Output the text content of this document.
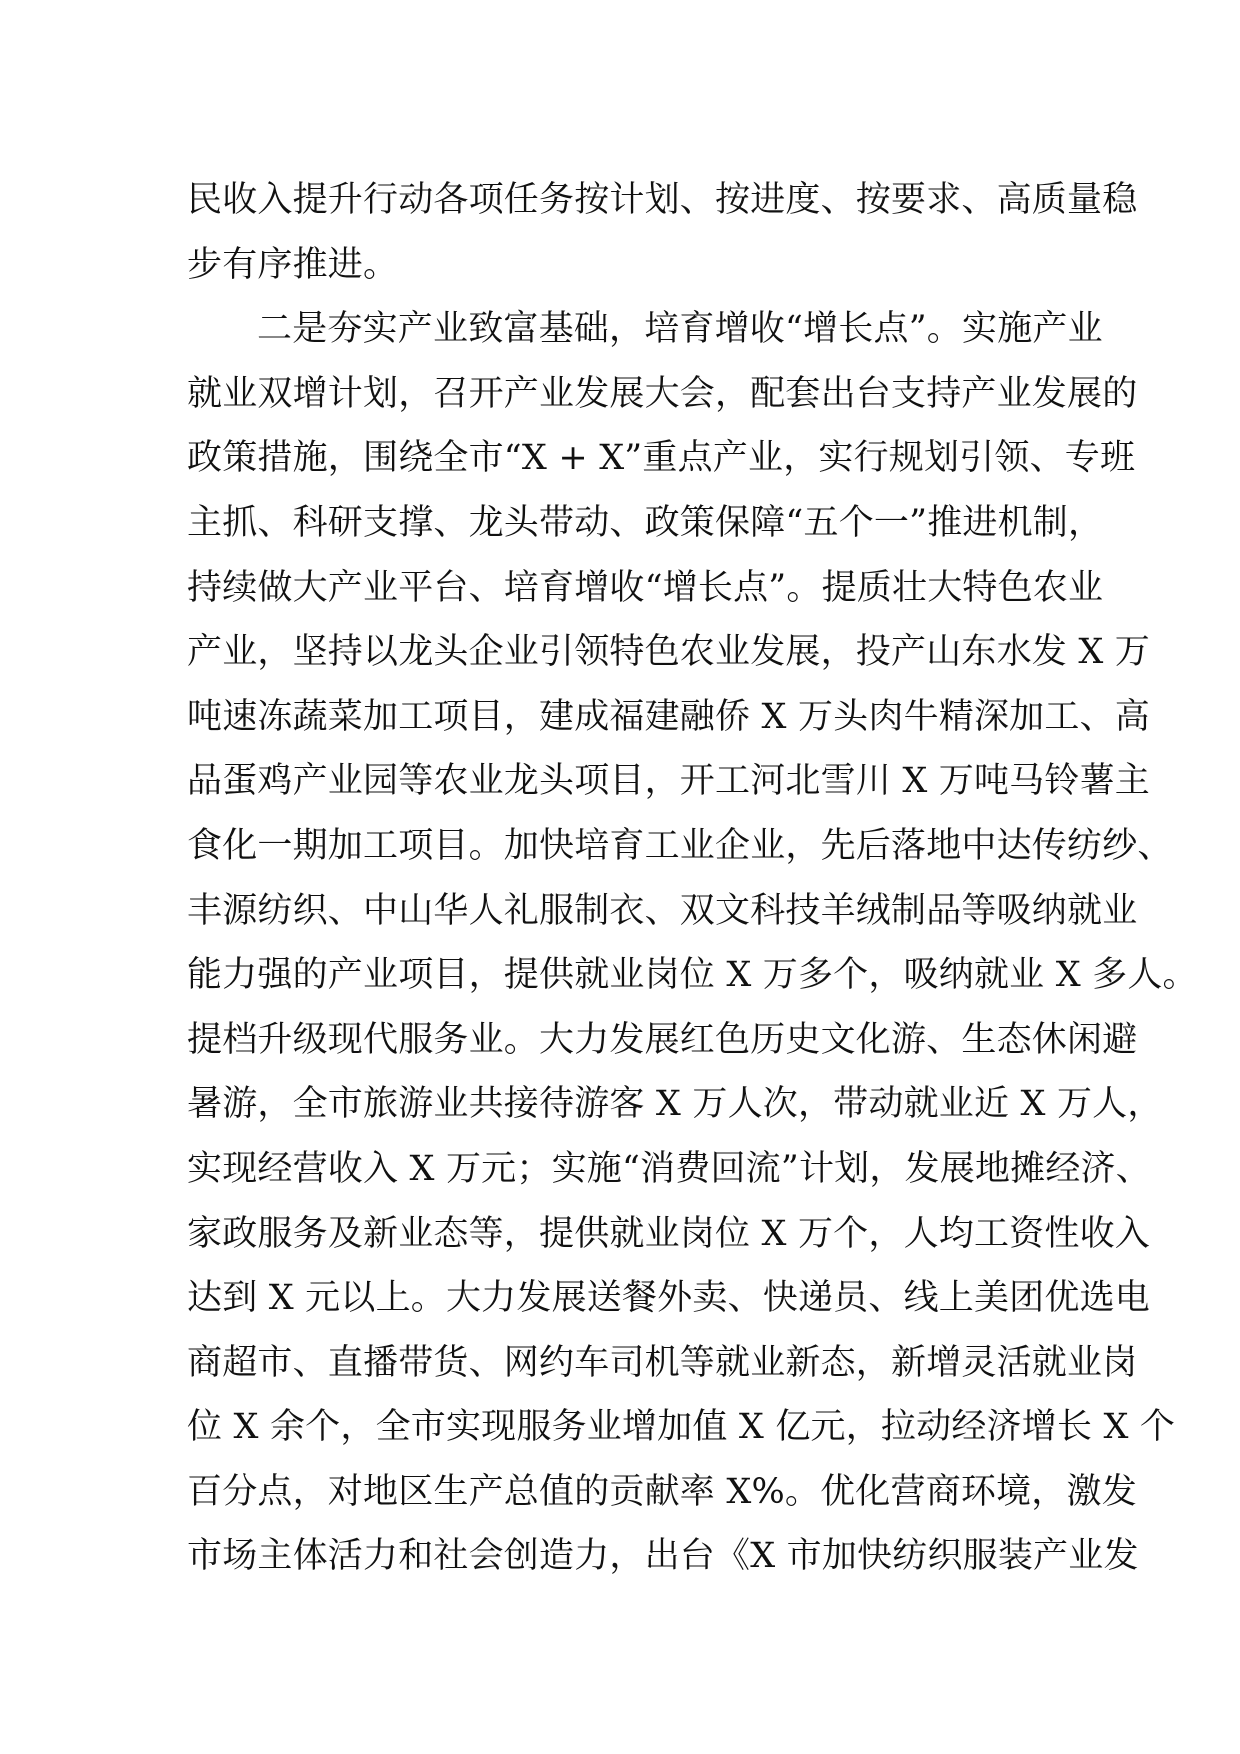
民收入提升行动各项任务按计划、按进度、按要求、高质量稳
步有序推进。
二是夯实产业致富基础，培育增收“增长点”。实施产业
就业双增计划，召开产业发展大会，配套出台支持产业发展的
政策措施，围绕全市“X + X”重点产业，实行规划引领、专班
主抓、科研支撑、龙头带动、政策保障“五个一”推进机制，
持续做大产业平台、培育增收“增长点”。提质壮大特色农业
产业，坚持以龙头企业引领特色农业发展，投产山东水发 X 万
吨速冻蔬菜加工项目，建成福建融侨 X 万头肉牛精深加工、高
品蛋鸡产业园等农业龙头项目，开工河北雪川 X 万吨马铃薯主
食化一期加工项目。加快培育工业企业，先后落地中达传纺纱、
丰源纺织、中山华人礼服制衣、双文科技羊绒制品等吸纳就业
能力强的产业项目，提供就业岗位 X 万多个，吸纳就业 X 多人。
提档升级现代服务业。大力发展红色历史文化游、生态休闲避
暑游，全市旅游业共接待游客 X 万人次，带动就业近 X 万人，
实现经营收入 X 万元；实施“消费回流”计划，发展地摊经济、
家政服务及新业态等，提供就业岗位 X 万个，人均工资性收入
达到 X 元以上。大力发展送餐外卖、快递员、线上美团优选电
商超市、直播带货、网约车司机等就业新态，新增灵活就业岗
位 X 余个，全市实现服务业增加值 X 亿元，拉动经济增长 X 个
百分点，对地区生产总值的贡献率 X%。优化营商环境，激发
市场主体活力和社会创造力，出台《X 市加快纺织服装产业发
